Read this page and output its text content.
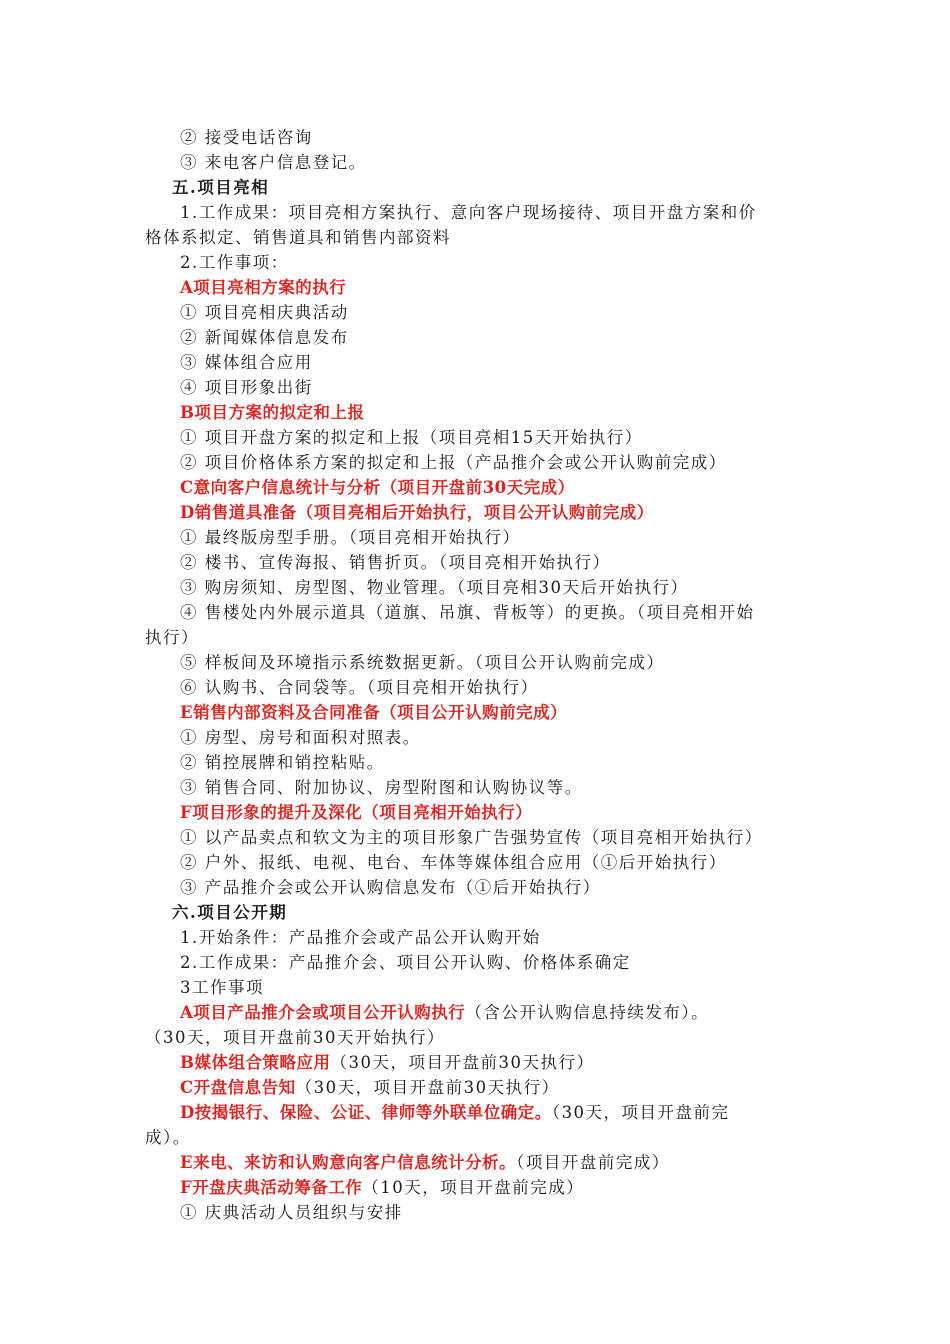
② 接受电话咨询
③ 来电客户信息登记。
五.项目亮相
1.工作成果：项目亮相方案执行、意向客户现场接待、项目开盘方案和价
格体系拟定、销售道具和销售内部资料
2.工作事项：
A项目亮相方案的执行
① 项目亮相庆典活动
② 新闻媒体信息发布
③ 媒体组合应用
④ 项目形象出街
B项目方案的拟定和上报
① 项目开盘方案的拟定和上报（项目亮相15天开始执行）
② 项目价格体系方案的拟定和上报（产品推介会或公开认购前完成）
C意向客户信息统计与分析（项目开盘前30天完成）
D销售道具准备（项目亮相后开始执行，项目公开认购前完成）
① 最终版房型手册。（项目亮相开始执行）
② 楼书、宣传海报、销售折页。（项目亮相开始执行）
③ 购房须知、房型图、物业管理。（项目亮相30天后开始执行）
④ 售楼处内外展示道具（道旗、吊旗、背板等）的更换。（项目亮相开始
执行）
⑤ 样板间及环境指示系统数据更新。（项目公开认购前完成）
⑥ 认购书、合同袋等。（项目亮相开始执行）
E销售内部资料及合同准备（项目公开认购前完成）
① 房型、房号和面积对照表。
② 销控展牌和销控粘贴。
③ 销售合同、附加协议、房型附图和认购协议等。
F项目形象的提升及深化（项目亮相开始执行）
① 以产品卖点和软文为主的项目形象广告强势宣传（项目亮相开始执行）
② 户外、报纸、电视、电台、车体等媒体组合应用（①后开始执行）
③ 产品推介会或公开认购信息发布（①后开始执行）
六.项目公开期
1.开始条件：产品推介会或产品公开认购开始
2.工作成果：产品推介会、项目公开认购、价格体系确定
3工作事项
A项目产品推介会或项目公开认购执行（含公开认购信息持续发布）。
（30天，项目开盘前30天开始执行）
B媒体组合策略应用（30天，项目开盘前30天执行）
C开盘信息告知（30天，项目开盘前30天执行）
D按揭银行、保险、公证、律师等外联单位确定。（30天，项目开盘前完
成）。
E来电、来访和认购意向客户信息统计分析。（项目开盘前完成）
F开盘庆典活动筹备工作（10天，项目开盘前完成）
① 庆典活动人员组织与安排
